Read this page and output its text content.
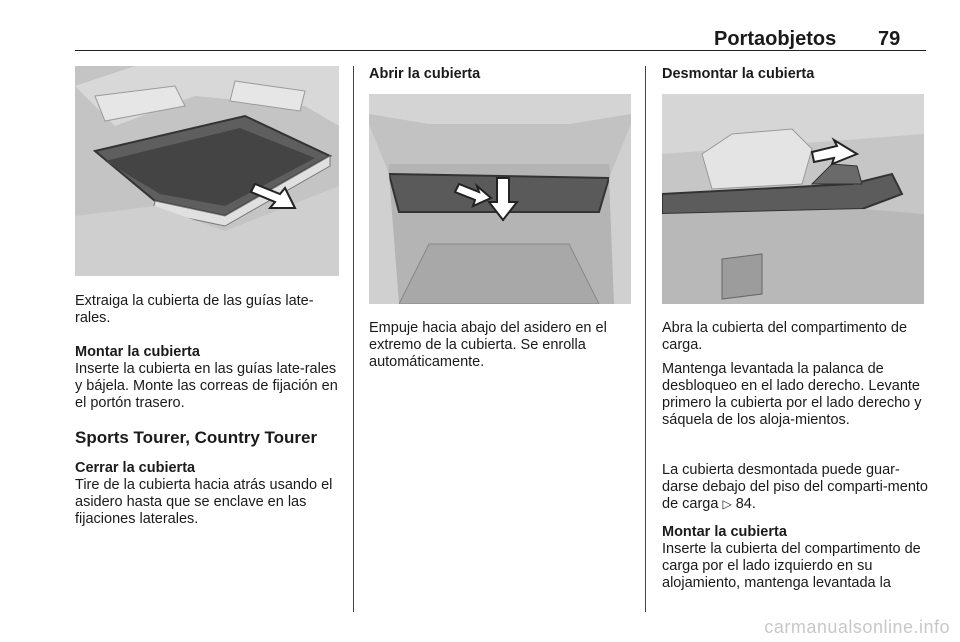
Portaobjetos 79

Extraiga la cubierta de las guías late-rales.

Montar la cubierta

Inserte la cubierta en las guías late-rales y bájela. Monte las correas de fijación en el portón trasero.

Sports Tourer, Country Tourer

Cerrar la cubierta

Tire de la cubierta hacia atrás usando el asidero hasta que se enclave en las fijaciones laterales.

Abrir la cubierta

Empuje hacia abajo del asidero en el extremo de la cubierta. Se enrolla automáticamente.

Desmontar la cubierta

Abra la cubierta del compartimento de carga.

Mantenga levantada la palanca de desbloqueo en el lado derecho. Levante primero la cubierta por el lado derecho y sáquela de los aloja-mientos.

La cubierta desmontada puede guar-darse debajo del piso del comparti-mento de carga ▷ 84.

Montar la cubierta

Inserte la cubierta del compartimento de carga por el lado izquierdo en su alojamiento, mantenga levantada la

carmanualsonline.info
